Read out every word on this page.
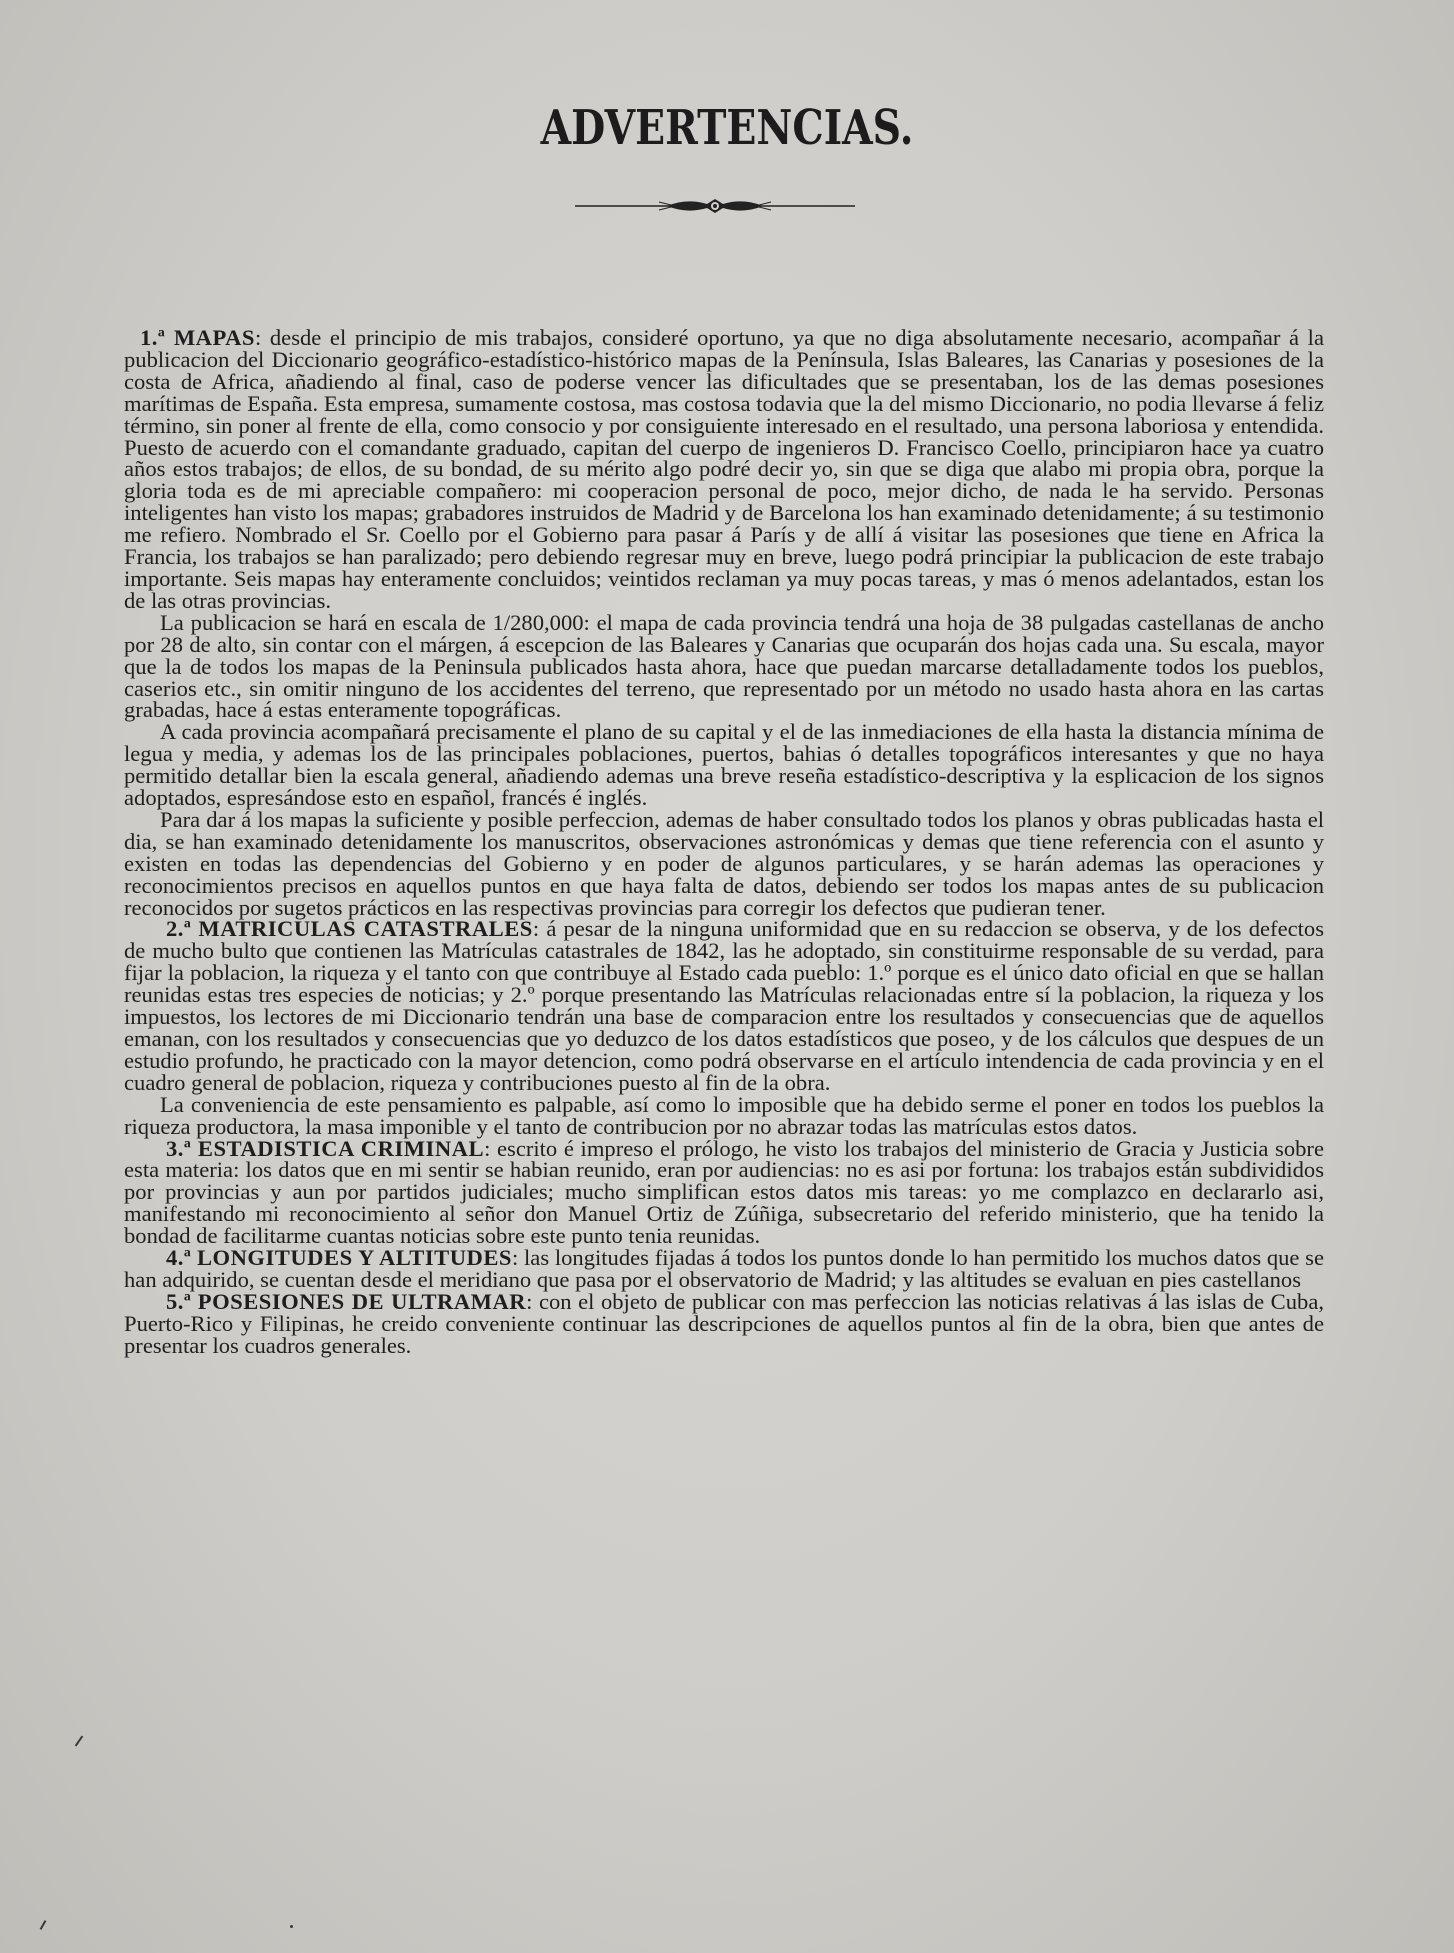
ADVERTENCIAS.

1.ª MAPAS: desde el principio de mis trabajos, consideré oportuno, ya que no diga absolutamente necesario, acompañar á la publicacion del Diccionario geográfico-estadístico-histórico mapas de la Península, Islas Baleares, las Canarias y posesiones de la costa de Africa, añadiendo al final, caso de poderse vencer las dificultades que se presentaban, los de las demas posesiones marítimas de España. Esta empresa, sumamente costosa, mas costosa todavia que la del mismo Diccionario, no podia llevarse á feliz término, sin poner al frente de ella, como consocio y por consiguiente interesado en el resultado, una persona laboriosa y entendida. Puesto de acuerdo con el comandante graduado, capitan del cuerpo de ingenieros D. Francisco Coello, principiaron hace ya cuatro años estos trabajos; de ellos, de su bondad, de su mérito algo podré decir yo, sin que se diga que alabo mi propia obra, porque la gloria toda es de mi apreciable compañero: mi cooperacion personal de poco, mejor dicho, de nada le ha servido. Personas inteligentes han visto los mapas; grabadores instruidos de Madrid y de Barcelona los han examinado detenidamente; á su testimonio me refiero. Nombrado el Sr. Coello por el Gobierno para pasar á París y de allí á visitar las posesiones que tiene en Africa la Francia, los trabajos se han paralizado; pero debiendo regresar muy en breve, luego podrá principiar la publicacion de este trabajo importante. Seis mapas hay enteramente concluidos; veintidos reclaman ya muy pocas tareas, y mas ó menos adelantados, estan los de las otras provincias.

La publicacion se hará en escala de 1/280,000: el mapa de cada provincia tendrá una hoja de 38 pulgadas castellanas de ancho por 28 de alto, sin contar con el márgen, á escepcion de las Baleares y Canarias que ocuparán dos hojas cada una. Su escala, mayor que la de todos los mapas de la Peninsula publicados hasta ahora, hace que puedan marcarse detalladamente todos los pueblos, caserios etc., sin omitir ninguno de los accidentes del terreno, que representado por un método no usado hasta ahora en las cartas grabadas, hace á estas enteramente topográficas.

A cada provincia acompañará precisamente el plano de su capital y el de las inmediaciones de ella hasta la distancia mínima de legua y media, y ademas los de las principales poblaciones, puertos, bahias ó detalles topográficos interesantes y que no haya permitido detallar bien la escala general, añadiendo ademas una breve reseña estadístico-descriptiva y la esplicacion de los signos adoptados, espresándose esto en español, francés é inglés.

Para dar á los mapas la suficiente y posible perfeccion, ademas de haber consultado todos los planos y obras publicadas hasta el dia, se han examinado detenidamente los manuscritos, observaciones astronómicas y demas que tiene referencia con el asunto y existen en todas las dependencias del Gobierno y en poder de algunos particulares, y se harán ademas las operaciones y reconocimientos precisos en aquellos puntos en que haya falta de datos, debiendo ser todos los mapas antes de su publicacion reconocidos por sugetos prácticos en las respectivas provincias para corregir los defectos que pudieran tener.

2.ª MATRICULAS CATASTRALES: á pesar de la ninguna uniformidad que en su redaccion se observa, y de los defectos de mucho bulto que contienen las Matrículas catastrales de 1842, las he adoptado, sin constituirme responsable de su verdad, para fijar la poblacion, la riqueza y el tanto con que contribuye al Estado cada pueblo: 1.º porque es el único dato oficial en que se hallan reunidas estas tres especies de noticias; y 2.º porque presentando las Matrículas relacionadas entre sí la poblacion, la riqueza y los impuestos, los lectores de mi Diccionario tendrán una base de comparacion entre los resultados y consecuencias que de aquellos emanan, con los resultados y consecuencias que yo deduzco de los datos estadísticos que poseo, y de los cálculos que despues de un estudio profundo, he practicado con la mayor detencion, como podrá observarse en el artículo intendencia de cada provincia y en el cuadro general de poblacion, riqueza y contribuciones puesto al fin de la obra.

La conveniencia de este pensamiento es palpable, así como lo imposible que ha debido serme el poner en todos los pueblos la riqueza productora, la masa imponible y el tanto de contribucion por no abrazar todas las matrículas estos datos.

3.ª ESTADISTICA CRIMINAL: escrito é impreso el prólogo, he visto los trabajos del ministerio de Gracia y Justicia sobre esta materia: los datos que en mi sentir se habian reunido, eran por audiencias: no es asi por fortuna: los trabajos están subdivididos por provincias y aun por partidos judiciales; mucho simplifican estos datos mis tareas: yo me complazco en declararlo asi, manifestando mi reconocimiento al señor don Manuel Ortiz de Zúñiga, subsecretario del referido ministerio, que ha tenido la bondad de facilitarme cuantas noticias sobre este punto tenia reunidas.

4.ª LONGITUDES Y ALTITUDES: las longitudes fijadas á todos los puntos donde lo han permitido los muchos datos que se han adquirido, se cuentan desde el meridiano que pasa por el observatorio de Madrid; y las altitudes se evaluan en pies castellanos

5.ª POSESIONES DE ULTRAMAR: con el objeto de publicar con mas perfeccion las noticias relativas á las islas de Cuba, Puerto-Rico y Filipinas, he creido conveniente continuar las descripciones de aquellos puntos al fin de la obra, bien que antes de presentar los cuadros generales.
